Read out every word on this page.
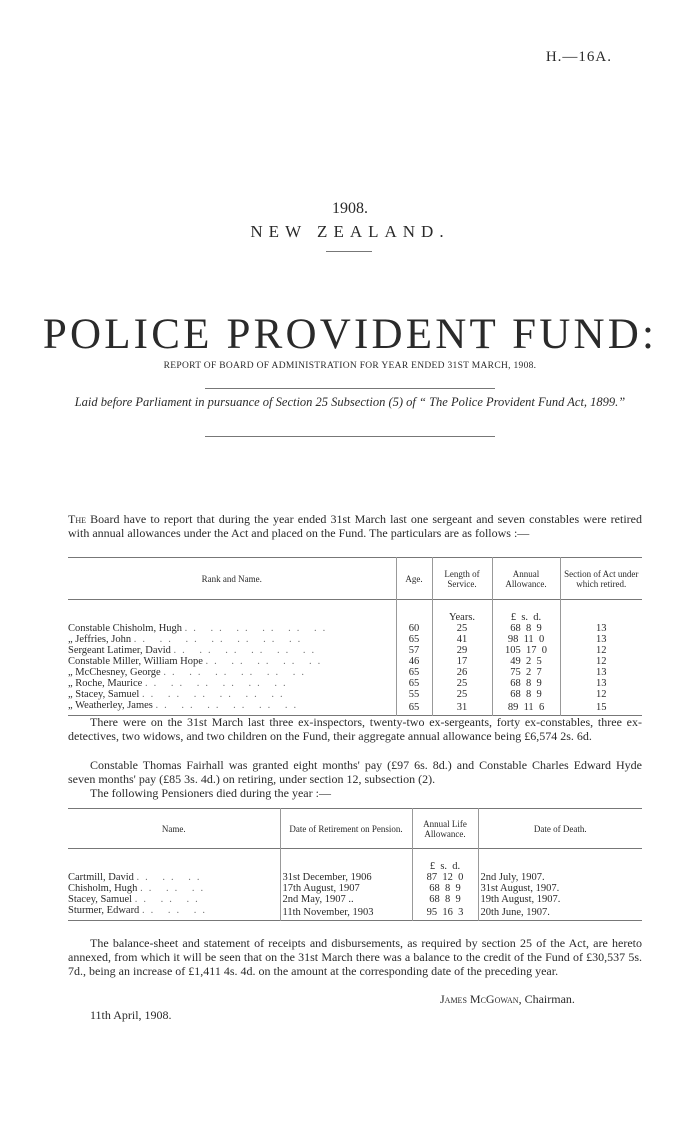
H.—16A.
1908.
NEW ZEALAND.
POLICE PROVIDENT FUND:
REPORT OF BOARD OF ADMINISTRATION FOR YEAR ENDED 31ST MARCH, 1908.
Laid before Parliament in pursuance of Section 25 Subsection (5) of “ The Police Provident Fund Act, 1899.”
The Board have to report that during the year ended 31st March last one sergeant and seven constables were retired with annual allowances under the Act and placed on the Fund. The particulars are as follows :—
Rank and Name.	Age.	Length of Service.	Annual Allowance.	Section of Act under which retired.

		Years.	£ s. d.	
Constable Chisholm, Hugh .. .. .. .. .. ..	60	25	68 8 9	13
„ Jeffries, John .. .. .. .. .. .. ..	65	41	98 11 0	13
Sergeant Latimer, David .. .. .. .. .. ..	57	29	105 17 0	12
Constable Miller, William Hope .. .. .. .. ..	46	17	49 2 5	12
„ McChesney, George .. .. .. .. .. ..	65	26	75 2 7	13
„ Roche, Maurice .. .. .. .. .. ..	65	25	68 8 9	13
„ Stacey, Samuel .. .. .. .. .. ..	55	25	68 8 9	12
„ Weatherley, James .. .. .. .. .. ..	65	31	89 11 6	15
There were on the 31st March last three ex-inspectors, twenty-two ex-sergeants, forty ex-constables, three ex-detectives, two widows, and two children on the Fund, their aggregate annual allowance being £6,574 2s. 6d.
Constable Thomas Fairhall was granted eight months' pay (£97 6s. 8d.) and Constable Charles Edward Hyde seven months' pay (£85 3s. 4d.) on retiring, under section 12, subsection (2).
The following Pensioners died during the year :—
Name.	Date of Retirement on Pension.	Annual Life Allowance.	Date of Death.

		£ s. d.	
Cartmill, David .. .. ..	31st December, 1906	87 12 0	2nd July, 1907.
Chisholm, Hugh .. .. ..	17th August, 1907	68 8 9	31st August, 1907.
Stacey, Samuel .. .. ..	2nd May, 1907 ..	68 8 9	19th August, 1907.
Sturmer, Edward .. .. ..	11th November, 1903	95 16 3	20th June, 1907.
The balance-sheet and statement of receipts and disbursements, as required by section 25 of the Act, are hereto annexed, from which it will be seen that on the 31st March there was a balance to the credit of the Fund of £30,537 5s. 7d., being an increase of £1,411 4s. 4d. on the amount at the corresponding date of the preceding year.
James McGowan, Chairman.
11th April, 1908.
